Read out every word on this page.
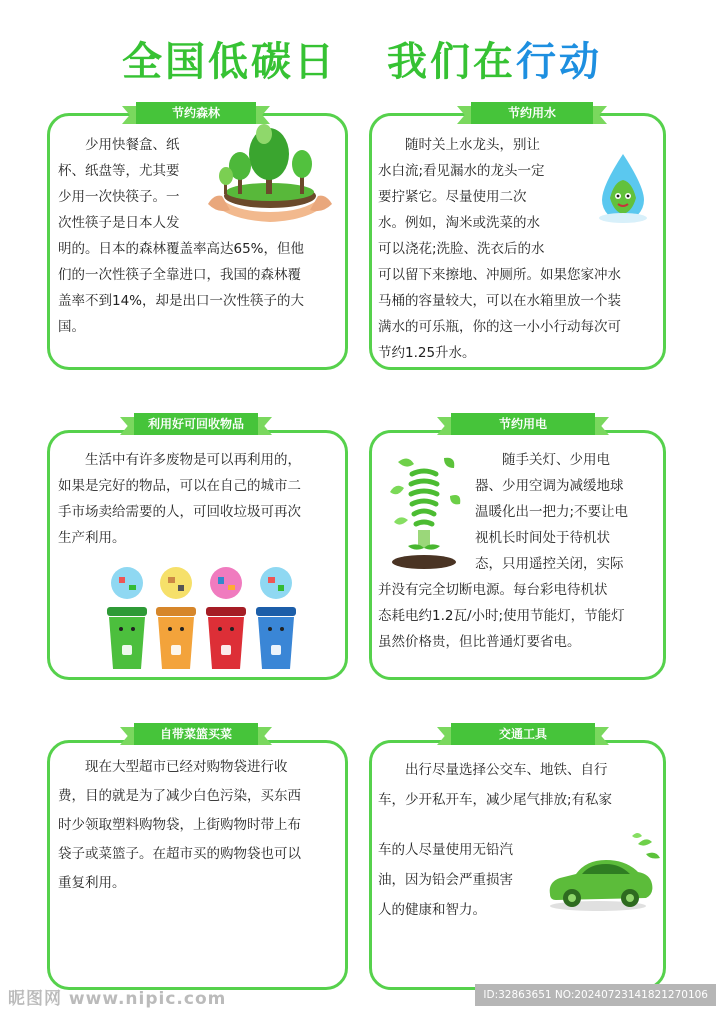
全国低碳日 我们在行动
节约森林

少用快餐盒、纸

杯、纸盘等，尤其要

少用一次快筷子。一

次性筷子是日本人发

明的。日本的森林覆盖率高达65%，但他

们的一次性筷子全靠进口，我国的森林覆

盖率不到14%，却是出口一次性筷子的大

国。

节约用水

随时关上水龙头，别让

水白流;看见漏水的龙头一定

要拧紧它。尽量使用二次

水。例如，淘米或洗菜的水

可以浇花;洗脸、洗衣后的水

可以留下来擦地、冲厕所。如果您家冲水

马桶的容量较大，可以在水箱里放一个装

满水的可乐瓶，你的这一小小行动每次可

节约1.25升水。

利用好可回收物品

生活中有许多废物是可以再利用的，

如果是完好的物品，可以在自己的城市二

手市场卖给需要的人，可回收垃圾可再次

生产利用。

节约用电

随手关灯、少用电

器、少用空调为减缓地球

温暖化出一把力;不要让电

视机长时间处于待机状

态，只用遥控关闭，实际

并没有完全切断电源。每台彩电待机状

态耗电约1.2瓦/小时;使用节能灯，节能灯

虽然价格贵，但比普通灯要省电。

自带菜篮买菜

现在大型超市已经对购物袋进行收

费，目的就是为了减少白色污染，买东西

时少领取塑料购物袋，上街购物时带上布

袋子或菜篮子。在超市买的购物袋也可以

重复利用。

交通工具

出行尽量选择公交车、地铁、自行

车，少开私开车，减少尾气排放;有私家

车的人尽量使用无铅汽

油，因为铅会严重损害

人的健康和智力。

昵图网 www.nipic.com	ID:32863651 NO:20240723141821270106
